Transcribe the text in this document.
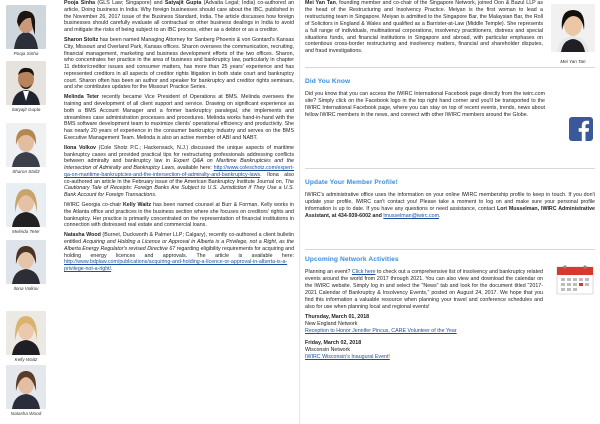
Pooja Sinha
Satyajit Gupta
Sharon Stoltz
Melinda Teter
Ilona Volkov
Kelly Waitz
Natasha Wood

Pooja Sinha (GLS Law; Singapore) and Satyajit Gupta (Advaita Legal; India) co-authored an article, Doing business in India: Why foreign businesses should care about the IBC, published in the November 26, 2017 issue of the Business Standard, India. The article discusses how foreign businesses should carefully evaluate all contractual or other business dealings in India to avoid and mitigate the risks of being subject to an IBC process, either as a debtor or as a creditor.

Sharon Stoltz has been named Managing Attorney for Sanberg Phoenix & von Gontard's Kansas City, Missouri and Overland Park, Kansas offices. Sharon oversees the communication, recruiting, financial management, marketing and business development efforts of the two offices. Sharon, who concentrates her practice in the area of business and bankruptcy law, particularly in chapter 11 debtor/creditor issues and consumer matters, has more than 25 years' experience and has represented creditors in all aspects of creditor rights litigation in both state court and bankruptcy court. Sharon often has been an author and speaker for bankruptcy and creditor rights seminars, and she contributes updates for the Missouri Practice Series.

Melinda Teter recently became Vice President of Operations at BMS. Melinda oversees the training and development of all client support and service. Drawing on significant experience as both a BMS Account Manager and a former bankruptcy paralegal, she implements and streamlines case administration processes and procedures. Melinda works hand-in-hand with the BMS software development team to maximize clients' operational efficiency and productivity. She has nearly 20 years of experience in the consumer bankruptcy industry and serves on the BMS Executive Management Team. Melinda is also an active member of ABI and NABT.

Ilona Volkov (Cole Shotz P.C.; Hackensack, N.J.) discussed the unique aspects of maritime bankruptcy cases and provided practical tips for restructuring professionals addressing conflicts between admiralty and bankruptcy law in Expert Q&A on Maritime Bankruptcies and the Intersection of Admiralty and Bankruptcy Laws, available here: http://www.coleschotz.com/expert-qa-on-maritime-bankruptcies-and-the-intersection-of-admiralty-and-bankruptcy-laws. Ilona also co-authored an article in the February issue of the American Bankruptcy Institute Journal on, The Cautionary Tale of Receipts: Foreign Banks Are Subject to U.S. Jurisdiction if They Use a U.S. Bank Account for Foreign Transactions.

IWIRC Georgia co-chair Kelly Waitz has been named counsel at Burr & Forman. Kelly works in the Atlanta office and practices in the business section where she focuses on creditors' rights and bankruptcy. Her practice is primarily concentrated on the representation of financial institutions in connection with distressed real estate and commercial loans.

Natasha Wood (Burnet, Duckworth & Palmer LLP; Calgary), recently co-authored a client bulletin entitled Acquiring and Holding a Licence or Approval in Alberta is a Privilege, not a Right, as the Alberta Energy Regulator's revised Directive 67 regarding eligibility requirements for acquiring and holding energy licences and approvals. The article is available here: http://www.bdplaw.com/publications/acquiring-and-holding-a-licence-or-approval-in-alberta-is-a-privilege-not-a-right/.

Mei Yan Tan, founding member and co-chair of the Singapore Network, joined Oon & Bazul LLP as the head of the Restructuring and Insolvency Practice. Meiyan is the first woman to lead a restructuring team in Singapore. Meiyan is admitted to the Singapore Bar, the Malaysian Bar, the Roll of Solicitors in England & Wales and qualified as a Barrister-at-Law (Middle Temple). She represents a full range of individuals, multinational corporations, insolvency practitioners, distress and special situations funds, and financial institutions in Singapore and abroad, with particular emphases on contentious cross-border restructuring and insolvency matters, financial and shareholder disputes, and fraud investigations.

Mei Yan Tan
Did You Know

Did you know that you can access the IWIRC International Facebook page directly from the iwirc.com site? Simply click on the Facebook logo in the top right hand corner and you'll be transported to the IWIRC International Facebook page, where you can stay on top of recent events, trends, news about fellow IWIRC members in the news, and connect with other IWIRC members around the Globe.

Update Your Member Profile!

IWIRC's administrative office uses the information on your online IWIRC membership profile to keep in touch. If you don't update your profile, IWIRC can't contact you! Please take a moment to log on and make sure your personal profile information is up to date. If you have any questions or need assistance, contact Lori Musselman, IWIRC Administrative Assistant, at 434-939-6002 and lmusselman@iwirc.com.

Upcoming Network Activities

Planning an event? Click here to check out a comprehensive list of insolvency and bankruptcy related events around the world from 2017 through 2021. You can also view and download the calendar on the IWIRC website. Simply log in and select the "News" tab and look for the document titled "2017-2021 Calendar of Bankruptcy & Insolvency Events," posted on August 24, 2017. We hope that you find this information a valuable resource when planning your travel and conference schedules and also for use when planning local and regional events!

Thursday, March 01, 2018
New England Network
Reception to Honor Jennifer Pincus, CARE Volunteer of the Year
Friday, March 02, 2018
Wisconsin Network
IWIRC Wisconsin's Inaugural Event!
